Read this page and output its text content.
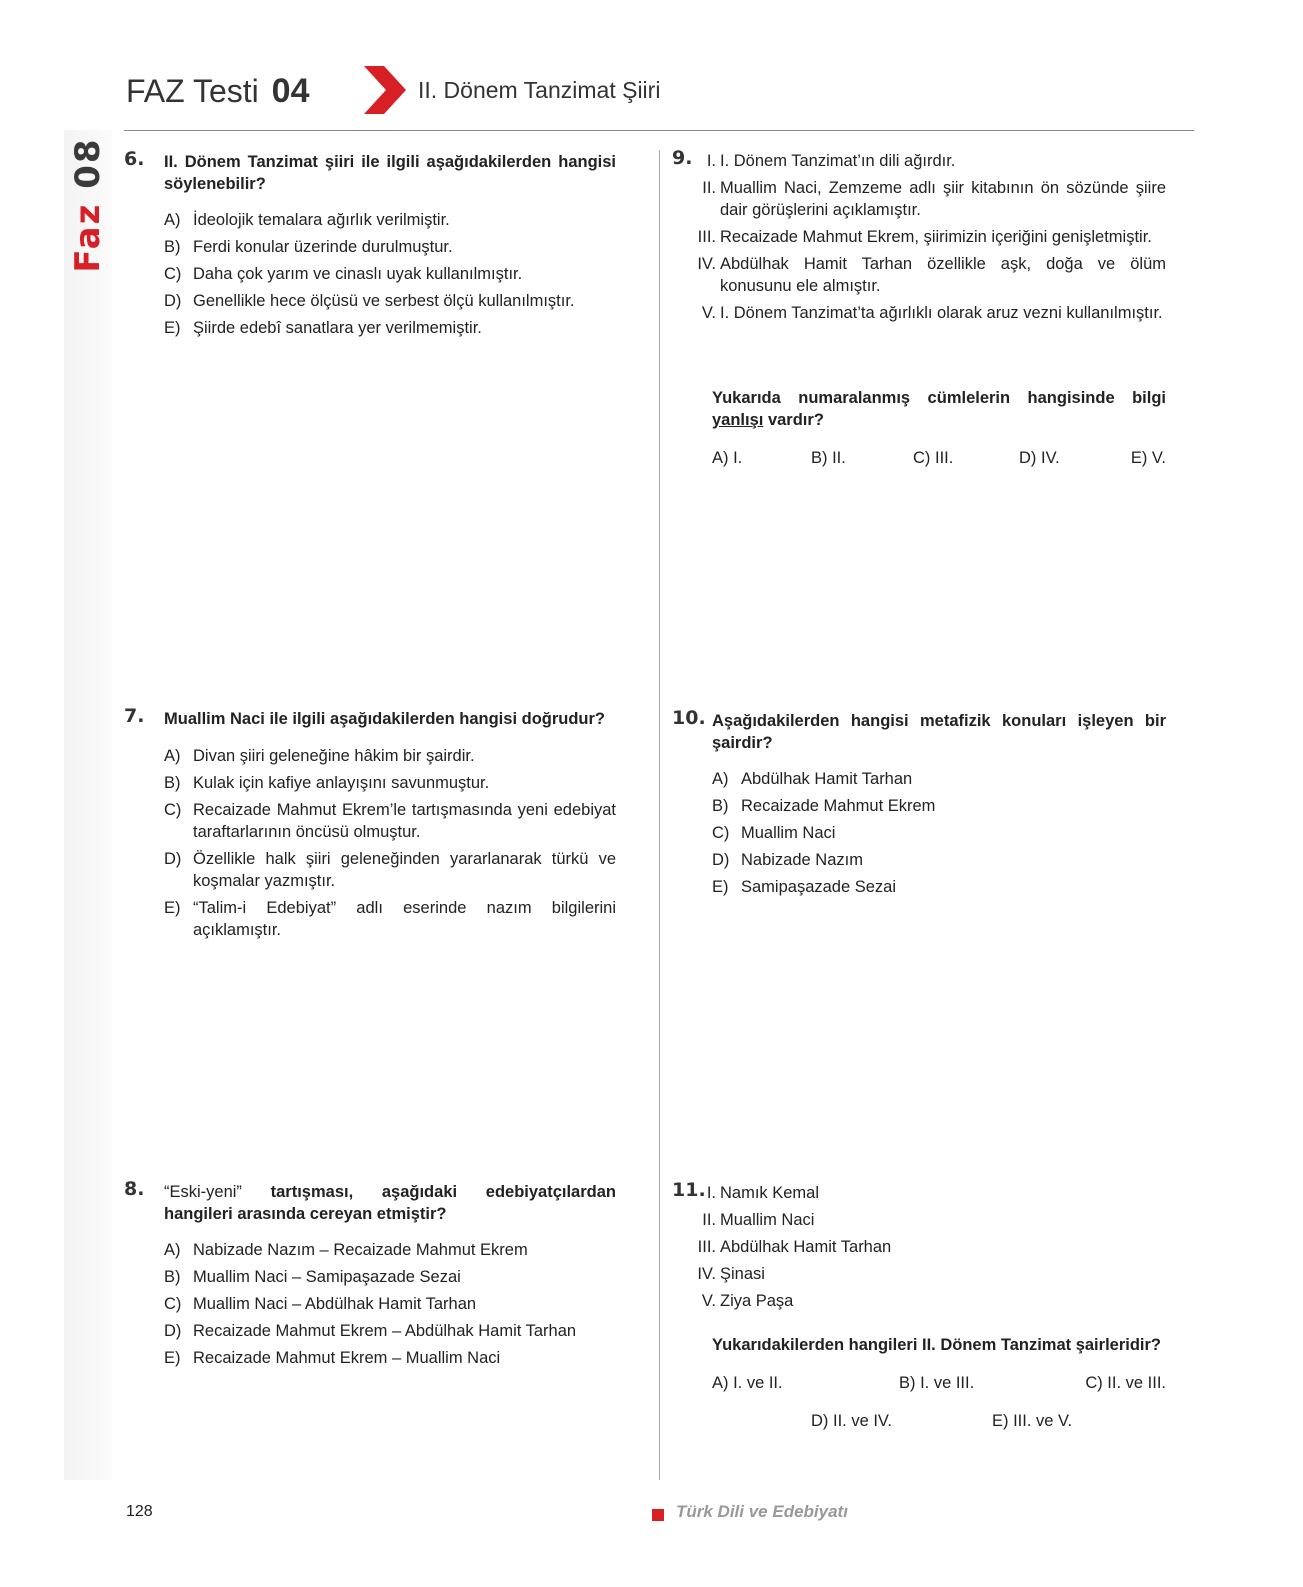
Faz 08
FAZ Testi 04	II. Dönem Tanzimat Şiiri
6. II. Dönem Tanzimat şiiri ile ilgili aşağıdakilerden hangisi söylenebilir?
A) İdeolojik temalara ağırlık verilmiştir.
B) Ferdi konular üzerinde durulmuştur.
C) Daha çok yarım ve cinaslı uyak kullanılmıştır.
D) Genellikle hece ölçüsü ve serbest ölçü kullanılmıştır.
E) Şiirde edebî sanatlara yer verilmemiştir.
7. Muallim Naci ile ilgili aşağıdakilerden hangisi doğrudur?
A) Divan şiiri geleneğine hâkim bir şairdir.
B) Kulak için kafiye anlayışını savunmuştur.
C) Recaizade Mahmut Ekrem’le tartışmasında yeni edebiyat taraftarlarının öncüsü olmuştur.
D) Özellikle halk şiiri geleneğinden yararlanarak türkü ve koşmalar yazmıştır.
E) “Talim-i Edebiyat” adlı eserinde nazım bilgilerini açıklamıştır.
8. “Eski-yeni” tartışması, aşağıdaki edebiyatçılardan hangileri arasında cereyan etmiştir?
A) Nabizade Nazım – Recaizade Mahmut Ekrem
B) Muallim Naci – Samipaşazade Sezai
C) Muallim Naci – Abdülhak Hamit Tarhan
D) Recaizade Mahmut Ekrem – Abdülhak Hamit Tarhan
E) Recaizade Mahmut Ekrem – Muallim Naci
9. I. I. Dönem Tanzimat’ın dili ağırdır.
II. Muallim Naci, Zemzeme adlı şiir kitabının ön sözünde şiire dair görüşlerini açıklamıştır.
III. Recaizade Mahmut Ekrem, şiirimizin içeriğini genişletmiştir.
IV. Abdülhak Hamit Tarhan özellikle aşk, doğa ve ölüm konusunu ele almıştır.
V. I. Dönem Tanzimat’ta ağırlıklı olarak aruz vezni kullanılmıştır.
Yukarıda numaralanmış cümlelerin hangisinde bilgi yanlışı vardır?
A) I.	B) II.	C) III.	D) IV.	E) V.
10. Aşağıdakilerden hangisi metafizik konuları işleyen bir şairdir?
A) Abdülhak Hamit Tarhan
B) Recaizade Mahmut Ekrem
C) Muallim Naci
D) Nabizade Nazım
E) Samipaşazade Sezai
11. I. Namık Kemal
II. Muallim Naci
III. Abdülhak Hamit Tarhan
IV. Şinasi
V. Ziya Paşa
Yukarıdakilerden hangileri II. Dönem Tanzimat şairleridir?
A) I. ve II.	B) I. ve III.	C) II. ve III.
D) II. ve IV.	E) III. ve V.
128	Türk Dili ve Edebiyatı
